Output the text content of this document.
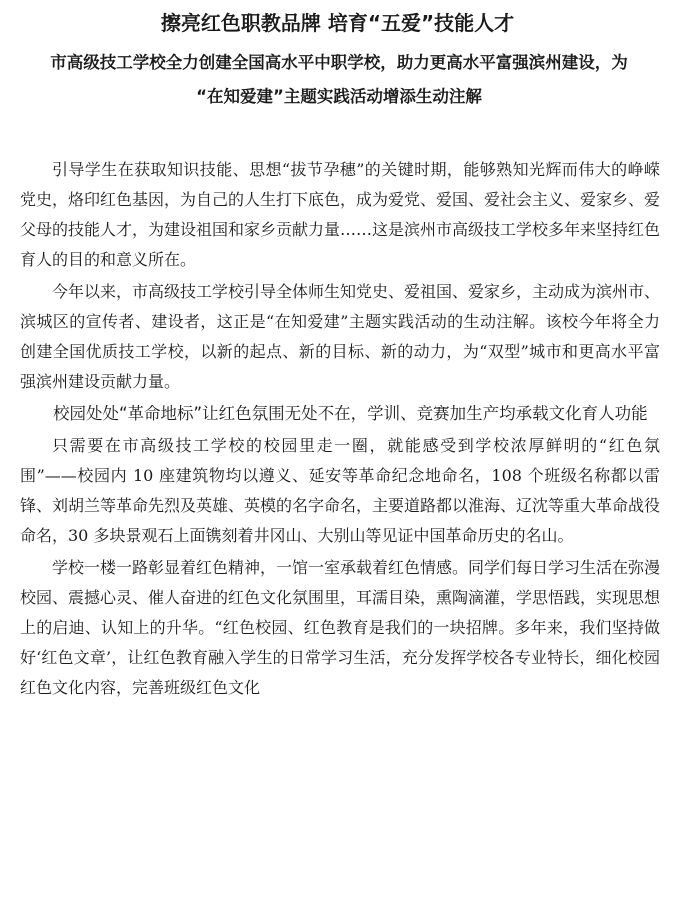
擦亮红色职教品牌 培育“五爱”技能人才
市高级技工学校全力创建全国高水平中职学校，助力更高水平富强滨州建设，为
“在知爱建”主题实践活动增添生动注解

引导学生在获取知识技能、思想“拔节孕穗”的关键时期，能够熟知光辉而伟大的峥嵘党史，烙印红色基因，为自己的人生打下底色，成为爱党、爱国、爱社会主义、爱家乡、爱父母的技能人才，为建设祖国和家乡贡献力量……这是滨州市高级技工学校多年来坚持红色育人的目的和意义所在。

今年以来，市高级技工学校引导全体师生知党史、爱祖国、爱家乡，主动成为滨州市、滨城区的宣传者、建设者，这正是“在知爱建”主题实践活动的生动注解。该校今年将全力创建全国优质技工学校，以新的起点、新的目标、新的动力，为“双型”城市和更高水平富强滨州建设贡献力量。

校园处处“革命地标”让红色氛围无处不在，学训、竞赛加生产均承载文化育人功能

只需要在市高级技工学校的校园里走一圈，就能感受到学校浓厚鲜明的“红色氛围”——校园内 10 座建筑物均以遵义、延安等革命纪念地命名，108 个班级名称都以雷锋、刘胡兰等革命先烈及英雄、英模的名字命名，主要道路都以淮海、辽沈等重大革命战役命名，30 多块景观石上面镌刻着井冈山、大别山等见证中国革命历史的名山。

学校一楼一路彰显着红色精神，一馆一室承载着红色情感。同学们每日学习生活在弥漫校园、震撼心灵、催人奋进的红色文化氛围里，耳濡目染，熏陶滴灌，学思悟践，实现思想上的启迪、认知上的升华。“红色校园、红色教育是我们的一块招牌。多年来，我们坚持做好‘红色文章’，让红色教育融入学生的日常学习生活，充分发挥学校各专业特长，细化校园红色文化内容，完善班级红色文化
